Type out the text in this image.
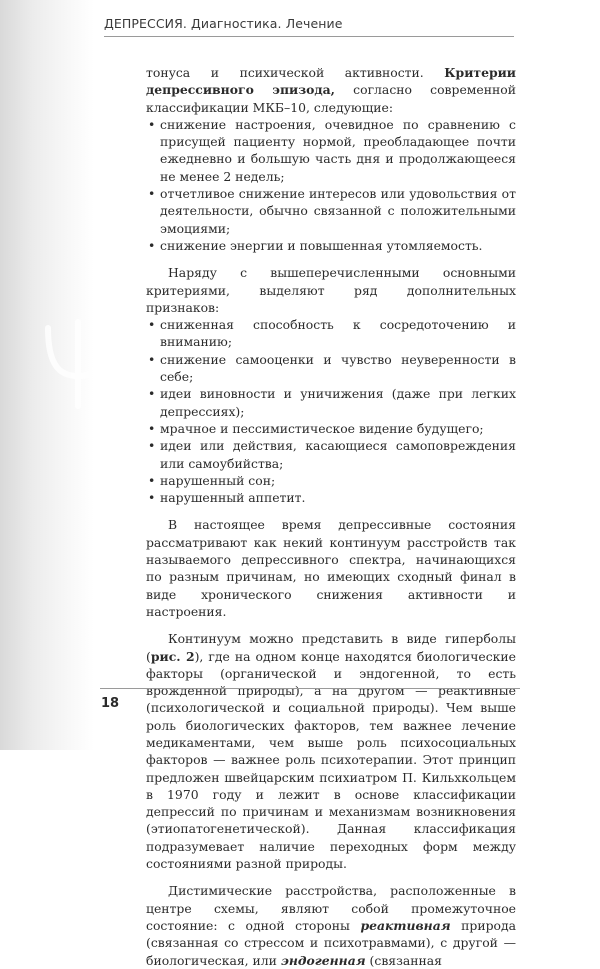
ДЕПРЕССИЯ. Диагностика. Лечение

тонуса и психической активности. Критерии депрессивного эпизода, согласно современной классификации МКБ–10, следующие:

• снижение настроения, очевидное по сравнению с присущей пациенту нормой, преобладающее почти ежедневно и большую часть дня и продолжающееся не менее 2 недель;
• отчетливое снижение интересов или удовольствия от деятельности, обычно связанной с положительными эмоциями;
• снижение энергии и повышенная утомляемость.

Наряду с вышеперечисленными основными критериями, выделяют ряд дополнительных признаков:

• сниженная способность к сосредоточению и вниманию;
• снижение самооценки и чувство неуверенности в себе;
• идеи виновности и уничижения (даже при легких депрессиях);
• мрачное и пессимистическое видение будущего;
• идеи или действия, касающиеся самоповреждения или самоубийства;
• нарушенный сон;
• нарушенный аппетит.

В настоящее время депрессивные состояния рассматривают как некий континуум расстройств так называемого депрессивного спектра, начинающихся по разным причинам, но имеющих сходный финал в виде хронического снижения активности и настроения.

Континуум можно представить в виде гиперболы (рис. 2), где на одном конце находятся биологические факторы (органической и эндогенной, то есть врожденной природы), а на другом — реактивные (психологической и социальной природы). Чем выше роль биологических факторов, тем важнее лечение медикаментами, чем выше роль психосоциальных факторов — важнее роль психотерапии. Этот принцип предложен швейцарским психиатром П. Кильхкольцем в 1970 году и лежит в основе классификации депрессий по причинам и механизмам возникновения (этиопатогенетической). Данная классификация подразумевает наличие переходных форм между состояниями разной природы.

Дистимические расстройства, расположенные в центре схемы, являют собой промежуточное состояние: с одной стороны реактивная природа (связанная со стрессом и психотравмами), с другой — биологическая, или эндогенная (связанная

18
